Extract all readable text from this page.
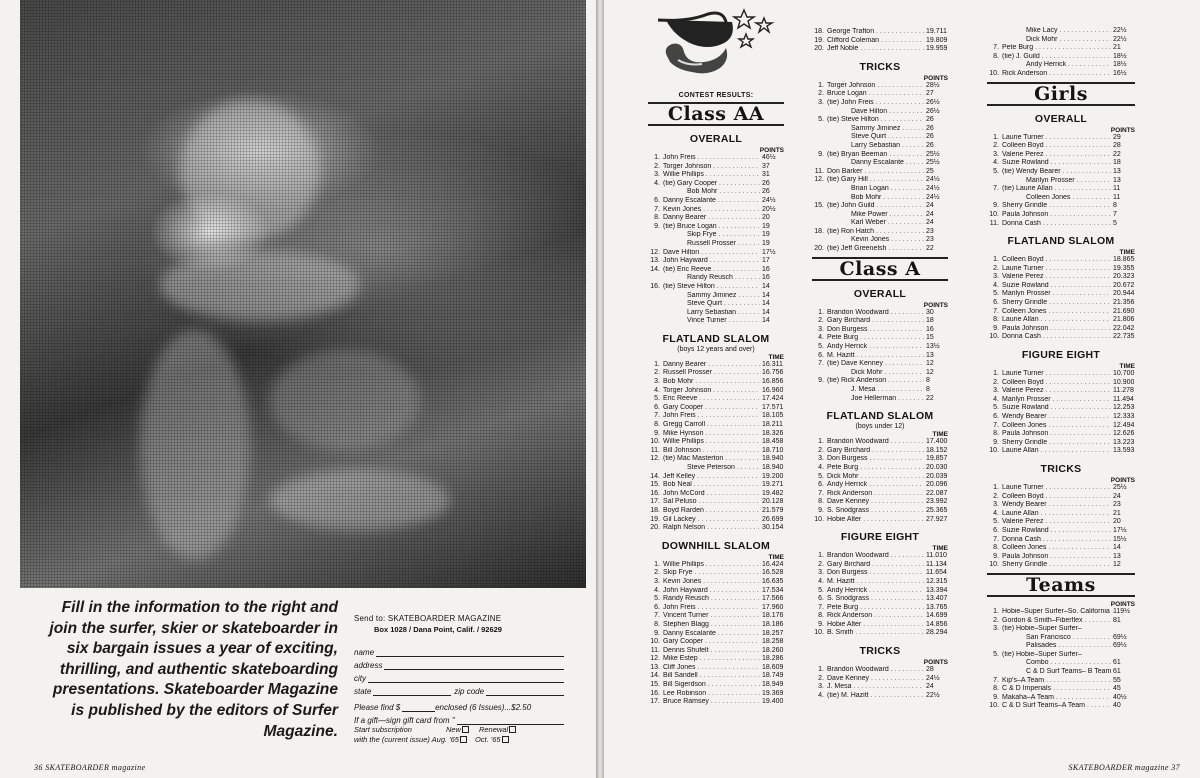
Fill in the information to the right and join the surfer, skier or skateboarder in six bargain issues a year of exciting, thrilling, and authentic skateboarding presentations. Skateboarder Magazine is published by the editors of Surfer Magazine.
Send to: SKATEBOARDER MAGAZINE
Box 1028 / Dana Point, Calif. / 92629
name
address
city
state	zip code
Please find $	enclosed (6 Issues)...$2.50
If a gift—sign gift card from "
Start subscription	New Renewal
with the (current issue) Aug. '65 Oct. '65
36 SKATEBOARDER magazine
CONTEST RESULTS:
Class AA
OVERALL
POINTS
1. John Freis . . .	46½
2. Torger Johnson . . .	37
3. Willie Phillips . . .	31
4. (tie) Gary Cooper . . .	26
Bob Mohr . . .	26
6. Danny Escalante . . .	24½
7. Kevin Jones . . .	20½
8. Danny Bearer . . .	20
9. (tie) Bruce Logan . . .	19
Skip Frye . . .	19
Russell Prosser . . .	19
12. Dave Hilton . . .	17½
13. John Hayward . . .	17
14. (tie) Eric Reeve . . .	16
Randy Reusch . . .	16
16. (tie) Steve Hilton . . .	14
Sammy Jiminez . . .	14
Steve Quirt . . .	14
Larry Sebastian . . .	14
Vince Turner . . .	14
FLATLAND SLALOM
(boys 12 years and over)
TIME
1. Danny Bearer . . .	16.311
2. Russell Prosser . . .	16.756
3. Bob Mohr . . .	16.856
4. Torger Johnson . . .	16.960
5. Eric Reeve . . .	17.424
6. Gary Cooper . . .	17.571
7. John Freis . . .	18.105
8. Gregg Carroll . . .	18.211
9. Mike Hynson . . .	18.326
10. Willie Phillips . . .	18.458
11. Bill Johnson . . .	18.710
12. (tie) Mac Masterton . . .	18.940
Steve Peterson . . .	18.940
14. Jeff Kelley . . .	19.200
15. Bob Neal . . .	19.271
16. John McCord . . .	19.482
17. Sal Peluso . . .	20.128
18. Boyd Rarden . . .	21.579
19. Gil Lackey . . .	26.699
20. Ralph Nelson . . .	30.154
DOWNHILL SLALOM
TIME
1. Willie Phillips . . .	16.424
2. Skip Frye . . .	16.528
3. Kevin Jones . . .	16.635
4. John Hayward . . .	17.534
5. Randy Reusch . . .	17.566
6. John Freis . . .	17.960
7. Vincent Turner . . .	18.176
8. Stephen Blagg . . .	18.186
9. Danny Escalante . . .	18.257
10. Gary Cooper . . .	18.258
11. Dennis Shufelt . . .	18.260
12. Mike Estep . . .	18.286
13. Cliff Jones . . .	18.609
14. Bill Sandell . . .	18.749
15. Bill Sigerdson . . .	18.949
16. Lee Robinson . . .	19.369
17. Bruce Ramsey . . .	19.400
18. George Trafton . . .	19.711
19. Clifford Coleman . . .	19.809
20. Jeff Noble . . .	19.959
TRICKS
POINTS
1. Torger Johnson . . .	28½
2. Bruce Logan . . .	27
3. (tie) John Freis . . .	26½
Dave Hilton . . .	26½
5. (tie) Steve Hilton . . .	26
Sammy Jiminez . . .	26
Steve Quirt . . .	26
Larry Sebastian . . .	26
9. (tie) Bryan Beeman . . .	25½
Danny Escalante . . .	25½
11. Don Barker . . .	25
12. (tie) Gary Hill . . .	24½
Brian Logan . . .	24½
Bob Mohr . . .	24½
15. (tie) John Guild . . .	24
Mike Power . . .	24
Karl Weber . . .	24
18. (tie) Ron Hatch . . .	23
Kevin Jones . . .	23
20. (tie) Jeff Greenelsh . . .	22
Class A
OVERALL
POINTS
1. Brandon Woodward . . .	30
2. Gary Birchard . . .	18
3. Don Burgess . . .	16
4. Pete Burg . . .	15
5. Andy Herrick . . .	13½
6. M. Hazitt . . .	13
7. (tie) Dave Kenney . . .	12
Dick Mohr . . .	12
9. (tie) Rick Anderson . . .	8
J. Mesa . . .	8
Joe Hellerman . . .	22
FLATLAND SLALOM
(boys under 12)
TIME
1. Brandon Woodward . . .	17.400
2. Gary Birchard . . .	18.152
3. Don Burgess . . .	19.857
4. Pete Burg . . .	20.030
5. Dick Mohr . . .	20.039
6. Andy Herrick . . .	20.096
7. Rick Anderson . . .	22.087
8. Dave Kenney . . .	23.992
9. S. Snodgrass . . .	25.365
10. Hobie Alter . . .	27.927
FIGURE EIGHT
TIME
1. Brandon Woodward . . .	11.010
2. Gary Birchard . . .	11.134
3. Don Burgess . . .	11.654
4. M. Hazitt . . .	12.315
5. Andy Herrick . . .	13.394
6. S. Snodgrass . . .	13.407
7. Pete Burg . . .	13.765
8. Rick Anderson . . .	14.699
9. Hobie Alter . . .	14.856
10. B. Smith . . .	28.294
TRICKS
POINTS
1. Brandon Woodward . . .	28
2. Dave Kenney . . .	24½
3. J. Mesa . . .	24
4. (tie) M. Hazitt . . .	22½
Mike Lacy . . .	22½
Dick Mohr . . .	22½
7. Pete Burg . . .	21
8. (tie) J. Guild . . .	18½
Andy Herrick . . .	18½
10. Rick Anderson . . .	16½
Girls
OVERALL
POINTS
1. Laurie Turner . . .	29
2. Colleen Boyd . . .	28
3. Valerie Perez . . .	22
4. Suzie Rowland . . .	18
5. (tie) Wendy Bearer . . .	13
Marilyn Prosser . . .	13
7. (tie) Laurie Allan . . .	11
Colleen Jones . . .	11
9. Sherry Grindle . . .	8
10. Paula Johnson . . .	7
11. Donna Cash . . .	5
FLATLAND SLALOM
TIME
1. Colleen Boyd . . .	18.865
2. Laurie Turner . . .	19.355
3. Valerie Perez . . .	20.323
4. Suzie Rowland . . .	20.672
5. Marilyn Prosser . . .	20.944
6. Sherry Grindle . . .	21.356
7. Colleen Jones . . .	21.690
8. Laurie Allan . . .	21.806
9. Paula Johnson . . .	22.042
10. Donna Cash . . .	22.735
FIGURE EIGHT
TIME
1. Laurie Turner . . .	10.700
2. Colleen Boyd . . .	10.900
3. Valerie Perez . . .	11.278
4. Marilyn Prosser . . .	11.494
5. Suzie Rowland . . .	12.253
6. Wendy Bearer . . .	12.333
7. Colleen Jones . . .	12.494
8. Paula Johnson . . .	12.626
9. Sherry Grindle . . .	13.223
10. Laurie Allan . . .	13.593
TRICKS
POINTS
1. Laurie Turner . . .	25½
2. Colleen Boyd . . .	24
3. Wendy Bearer . . .	23
4. Laurie Allan . . .	21
5. Valerie Perez . . .	20
6. Suzie Rowland . . .	17½
7. Donna Cash . . .	15½
8. Colleen Jones . . .	14
9. Paula Johnson . . .	13
10. Sherry Grindle . . .	12
Teams
POINTS
1. Hobie–Super Surfer–So. California . . . 119½
2. Gordon & Smith–Fiberflex . . .	81
3. (tie) Hobie–Super Surfer–
San Francisco . . .	69½
Palisades . . .	69½
5. (tie) Hobie–Super Surfer–
Combo . . .	61
C & D Surf Teams– B Team . . . 61
7. Kip's–A Team . . .	55
8. C & D Imperials . . .	45
9. Makaha–A Team . . .	40½
10. C & D Surf Teams–A Team . . .	40
SKATEBOARDER magazine 37
